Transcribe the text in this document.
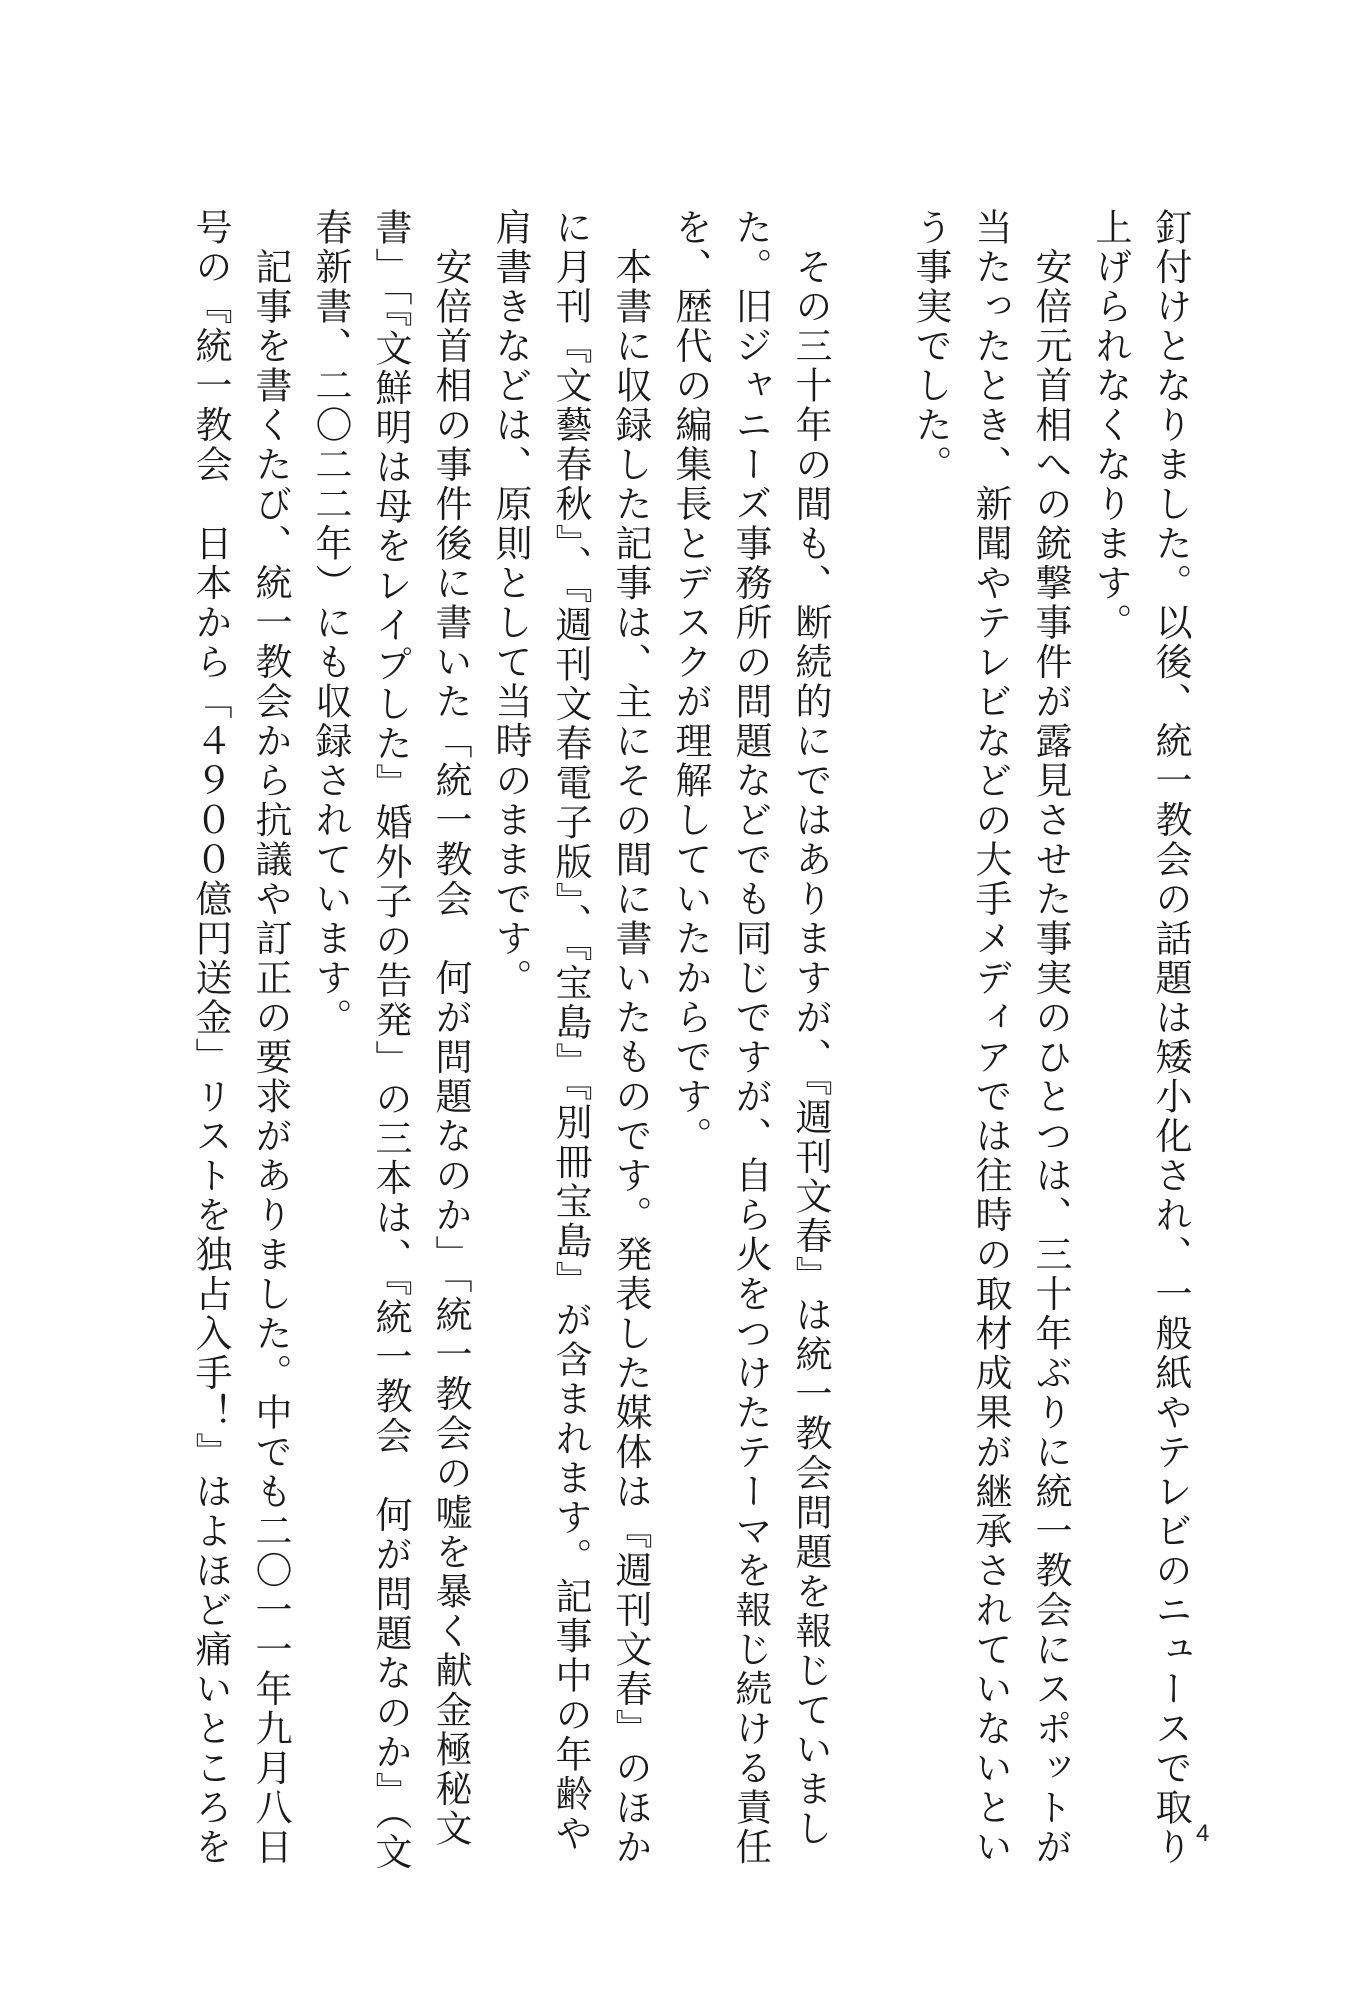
釘付けとなりました。以後、統一教会の話題は矮小化され、一般紙やテレビのニュースで取り
上げられなくなります。

　安倍元首相への銃撃事件が露見させた事実のひとつは、三十年ぶりに統一教会にスポットが
当たったとき、新聞やテレビなどの大手メディアでは往時の取材成果が継承されていないとい
う事実でした。

　その三十年の間も、断続的にではありますが、『週刊文春』は統一教会問題を報じていまし
た。旧ジャニーズ事務所の問題などでも同じですが、自ら火をつけたテーマを報じ続ける責任
を、歴代の編集長とデスクが理解していたからです。

　本書に収録した記事は、主にその間に書いたものです。発表した媒体は『週刊文春』のほか
に月刊『文藝春秋』、『週刊文春電子版』、『宝島』『別冊宝島』が含まれます。記事中の年齢や
肩書きなどは、原則として当時のままです。

　安倍首相の事件後に書いた「統一教会　何が問題なのか」「統一教会の嘘を暴く献金極秘文
書」「『文鮮明は母をレイプした』婚外子の告発」の三本は、『統一教会　何が問題なのか』（文
春新書、二〇二二年）にも収録されています。

　記事を書くたび、統一教会から抗議や訂正の要求がありました。中でも二〇一一年九月八日
号の『統一教会　日本から「４９００億円送金」リストを独占入手！』はよほど痛いところを	4
